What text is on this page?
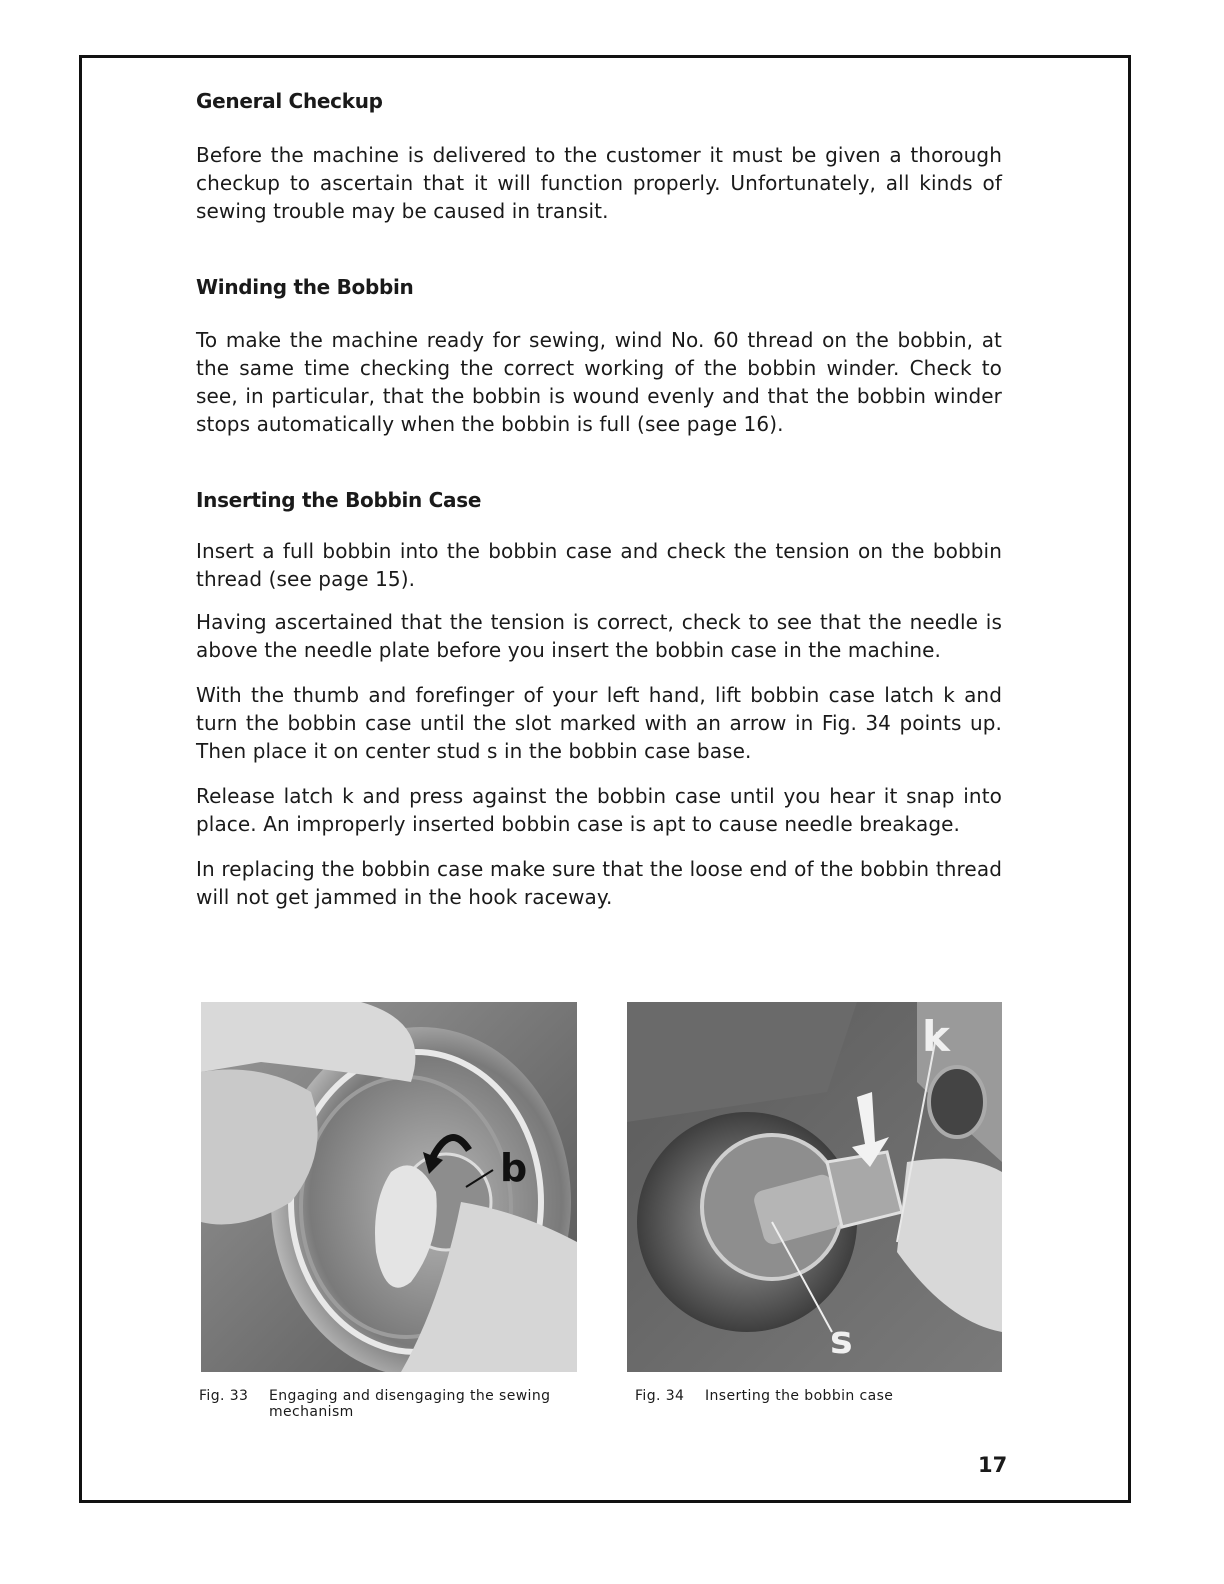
General Checkup

Before the machine is delivered to the customer it must be given a thorough checkup to ascertain that it will function properly. Unfortunately, all kinds of sewing trouble may be caused in transit.

Winding the Bobbin

To make the machine ready for sewing, wind No. 60 thread on the bobbin, at the same time checking the correct working of the bobbin winder. Check to see, in particular, that the bobbin is wound evenly and that the bobbin winder stops automatically when the bobbin is full (see page 16).

Inserting the Bobbin Case

Insert a full bobbin into the bobbin case and check the tension on the bobbin thread (see page 15).

Having ascertained that the tension is correct, check to see that the needle is above the needle plate before you insert the bobbin case in the machine.

With the thumb and forefinger of your left hand, lift bobbin case latch k and turn the bobbin case until the slot marked with an arrow in Fig. 34 points up. Then place it on center stud s in the bobbin case base.

Release latch k and press against the bobbin case until you hear it snap into place. An improperly inserted bobbin case is apt to cause needle breakage.

In replacing the bobbin case make sure that the loose end of the bobbin thread will not get jammed in the hook raceway.

b
k
s
Fig. 33 Engaging and disengaging the sewing mechanism
Fig. 34 Inserting the bobbin case
17
